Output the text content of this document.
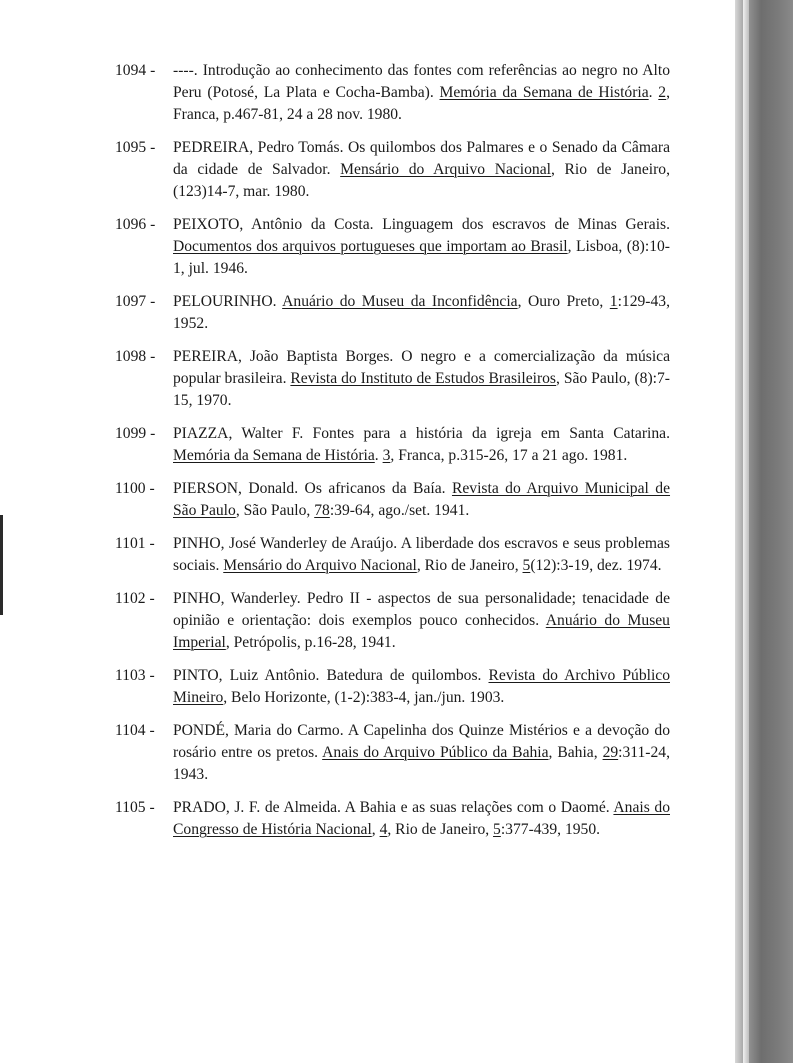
1094 - ----. Introdução ao conhecimento das fontes com referências ao negro no Alto Peru (Potosé, La Plata e Cocha-Bamba). Memória da Semana de História. 2, Franca, p.467-81, 24 a 28 nov. 1980.
1095 - PEDREIRA, Pedro Tomás. Os quilombos dos Palmares e o Senado da Câmara da cidade de Salvador. Mensário do Arquivo Nacional, Rio de Janeiro, (123)14-7, mar. 1980.
1096 - PEIXOTO, Antônio da Costa. Linguagem dos escravos de Minas Gerais. Documentos dos arquivos portugueses que importam ao Brasil, Lisboa, (8):10-1, jul. 1946.
1097 - PELOURINHO. Anuário do Museu da Inconfidência, Ouro Preto, 1:129-43, 1952.
1098 - PEREIRA, João Baptista Borges. O negro e a comercialização da música popular brasileira. Revista do Instituto de Estudos Brasileiros, São Paulo, (8):7-15, 1970.
1099 - PIAZZA, Walter F. Fontes para a história da igreja em Santa Catarina. Memória da Semana de História. 3, Franca, p.315-26, 17 a 21 ago. 1981.
1100 - PIERSON, Donald. Os africanos da Baía. Revista do Arquivo Municipal de São Paulo, São Paulo, 78:39-64, ago./set. 1941.
1101 - PINHO, José Wanderley de Araújo. A liberdade dos escravos e seus problemas sociais. Mensário do Arquivo Nacional, Rio de Janeiro, 5(12):3-19, dez. 1974.
1102 - PINHO, Wanderley. Pedro II - aspectos de sua personalidade; tenacidade de opinião e orientação: dois exemplos pouco conhecidos. Anuário do Museu Imperial, Petrópolis, p.16-28, 1941.
1103 - PINTO, Luiz Antônio. Batedura de quilombos. Revista do Archivo Público Mineiro, Belo Horizonte, (1-2):383-4, jan./jun. 1903.
1104 - PONDÉ, Maria do Carmo. A Capelinha dos Quinze Mistérios e a devoção do rosário entre os pretos. Anais do Arquivo Público da Bahia, Bahia, 29:311-24, 1943.
1105 - PRADO, J. F. de Almeida. A Bahia e as suas relações com o Daomé. Anais do Congresso de História Nacional, 4, Rio de Janeiro, 5:377-439, 1950.
